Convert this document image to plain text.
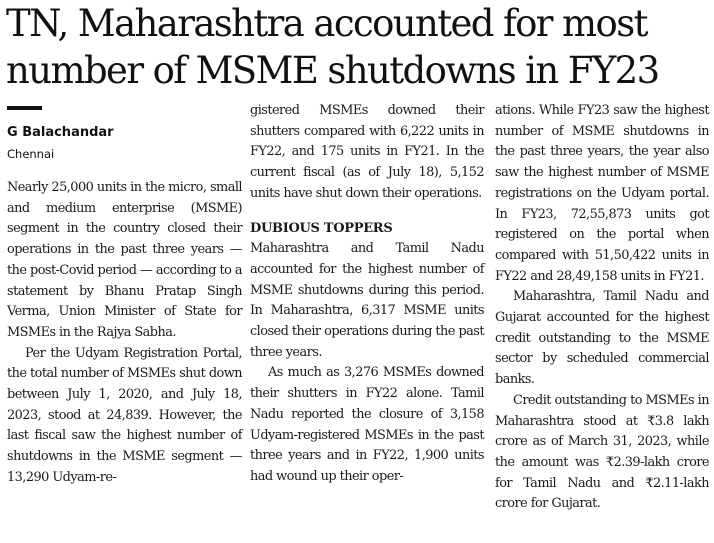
TN, Maharashtra accounted for most number of MSME shutdowns in FY23
G Balachandar
Chennai

Nearly 25,000 units in the micro, small and medium enterprise (MSME) segment in the country closed their operations in the past three years — the post-Covid period — according to a statement by Bhanu Pratap Singh Verma, Union Minister of State for MSMEs in the Rajya Sabha.

Per the Udyam Registration Portal, the total number of MSMEs shut down between July 1, 2020, and July 18, 2023, stood at 24,839. However, the last fiscal saw the highest number of shutdowns in the MSME segment — 13,290 Udyam-re-

gistered MSMEs downed their shutters compared with 6,222 units in FY22, and 175 units in FY21. In the current fiscal (as of July 18), 5,152 units have shut down their operations.

DUBIOUS TOPPERS

Maharashtra and Tamil Nadu accounted for the highest number of MSME shutdowns during this period. In Maharashtra, 6,317 MSME units closed their operations during the past three years.

As much as 3,276 MSMEs downed their shutters in FY22 alone. Tamil Nadu reported the closure of 3,158 Udyam-registered MSMEs in the past three years and in FY22, 1,900 units had wound up their oper-

ations. While FY23 saw the highest number of MSME shutdowns in the past three years, the year also saw the highest number of MSME registrations on the Udyam portal. In FY23, 72,55,873 units got registered on the portal when compared with 51,50,422 units in FY22 and 28,49,158 units in FY21.

Maharashtra, Tamil Nadu and Gujarat accounted for the highest credit outstanding to the MSME sector by scheduled commercial banks.

Credit outstanding to MSMEs in Maharashtra stood at ₹3.8 lakh crore as of March 31, 2023, while the amount was ₹2.39-lakh crore for Tamil Nadu and ₹2.11-lakh crore for Gujarat.
